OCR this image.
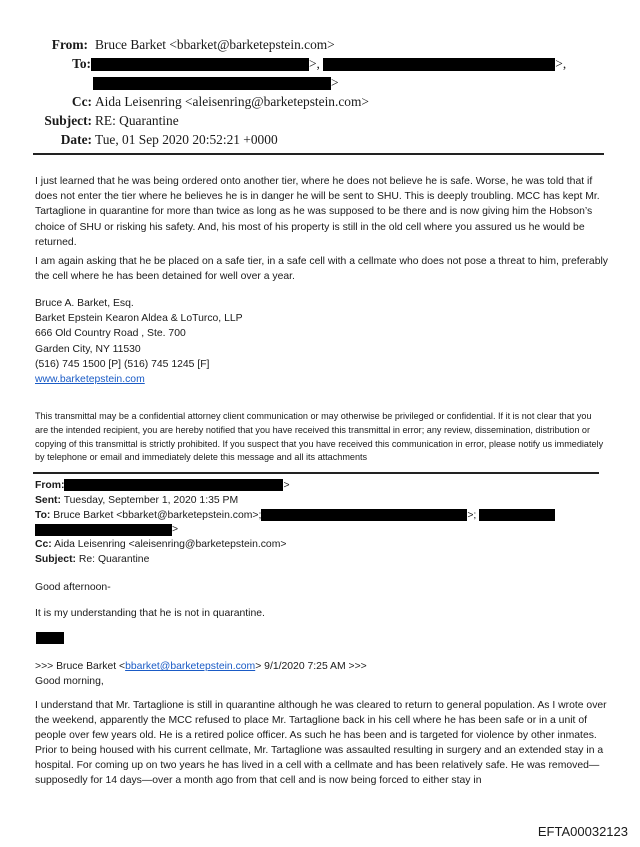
From: Bruce Barket <bbarket@barketepstein.com>
To:	>,	>,
>
Cc: Aida Leisenring <aleisenring@barketepstein.com>
Subject: RE: Quarantine
Date: Tue, 01 Sep 2020 20:52:21 +0000
I just learned that he was being ordered onto another tier, where he does not believe he is safe. Worse, he was told that if does not enter the tier where he believes he is in danger he will be sent to SHU. This is deeply troubling. MCC has kept Mr. Tartaglione in quarantine for more than twice as long as he was supposed to be there and is now giving him the Hobson’s choice of SHU or risking his safety. And, his most of his property is still in the old cell where you assured us he would be returned.
I am again asking that he be placed on a safe tier, in a safe cell with a cellmate who does not pose a threat to him, preferably the cell where he has been detained for well over a year.
Bruce A. Barket, Esq.
Barket Epstein Kearon Aldea & LoTurco, LLP
666 Old Country Road , Ste. 700
Garden City, NY 11530
(516) 745 1500 [P] (516) 745 1245 [F]
www.barketepstein.com
This transmittal may be a confidential attorney client communication or may otherwise be privileged or confidential. If it is not clear that you are the intended recipient, you are hereby notified that you have received this transmittal in error; any review, dissemination, distribution or copying of this transmittal is strictly prohibited. If you suspect that you have received this communication in error, please notify us immediately by telephone or email and immediately delete this message and all its attachments
From:	>
Sent: Tuesday, September 1, 2020 1:35 PM
To: Bruce Barket <bbarket@barketepstein.com>;	>;
>
Cc: Aida Leisenring <aleisenring@barketepstein.com>
Subject: Re: Quarantine
Good afternoon-
It is my understanding that he is not in quarantine.
>>> Bruce Barket <bbarket@barketepstein.com> 9/1/2020 7:25 AM >>>
Good morning,
I understand that Mr. Tartaglione is still in quarantine although he was cleared to return to general population. As I wrote over the weekend, apparently the MCC refused to place Mr. Tartaglione back in his cell where he has been safe or in a unit of people over few years old. He is a retired police officer. As such he has been and is targeted for violence by other inmates. Prior to being housed with his current cellmate, Mr. Tartaglione was assaulted resulting in surgery and an extended stay in a hospital. For coming up on two years he has lived in a cell with a cellmate and has been relatively safe. He was removed—supposedly for 14 days—over a month ago from that cell and is now being forced to either stay in
EFTA00032123
